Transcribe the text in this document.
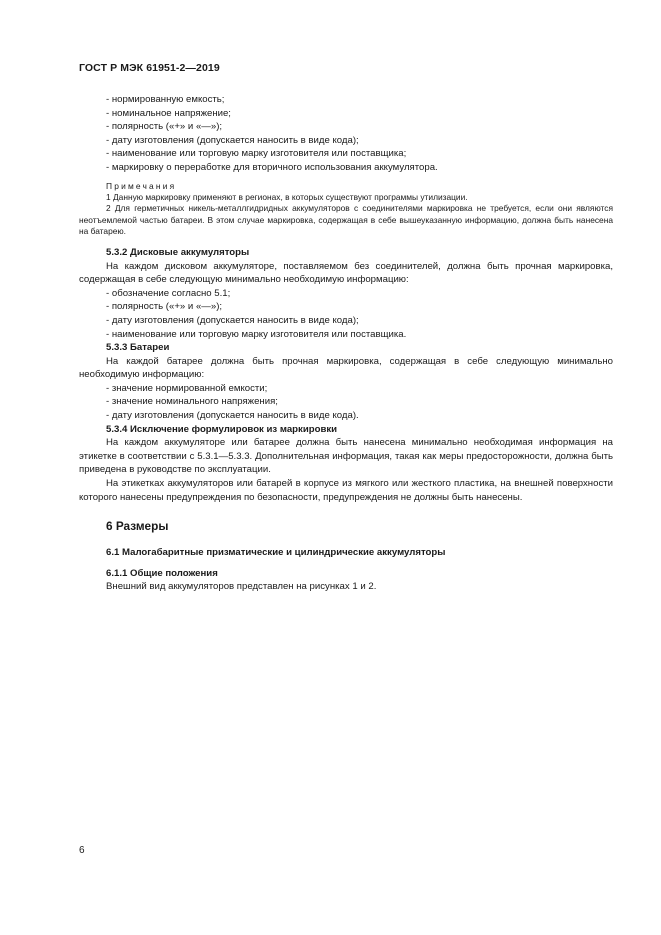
ГОСТ Р МЭК 61951-2—2019

- нормированную емкость;

- номинальное напряжение;

- полярность («+» и «—»);

- дату изготовления (допускается наносить в виде кода);

- наименование или торговую марку изготовителя или поставщика;

- маркировку о переработке для вторичного использования аккумулятора.

Примечания

1 Данную маркировку применяют в регионах, в которых существуют программы утилизации.

2 Для герметичных никель-металлгидридных аккумуляторов с соединителями маркировка не требуется, если они являются неотъемлемой частью батареи. В этом случае маркировка, содержащая в себе вышеуказанную информацию, должна быть нанесена на батарею.

5.3.2 Дисковые аккумуляторы

На каждом дисковом аккумуляторе, поставляемом без соединителей, должна быть прочная маркировка, содержащая в себе следующую минимально необходимую информацию:

- обозначение согласно 5.1;

- полярность («+» и «—»);

- дату изготовления (допускается наносить в виде кода);

- наименование или торговую марку изготовителя или поставщика.

5.3.3 Батареи

На каждой батарее должна быть прочная маркировка, содержащая в себе следующую минимально необходимую информацию:

- значение нормированной емкости;

- значение номинального напряжения;

- дату изготовления (допускается наносить в виде кода).

5.3.4 Исключение формулировок из маркировки

На каждом аккумуляторе или батарее должна быть нанесена минимально необходимая информация на этикетке в соответствии с 5.3.1—5.3.3. Дополнительная информация, такая как меры предосторожности, должна быть приведена в руководстве по эксплуатации.

На этикетках аккумуляторов или батарей в корпусе из мягкого или жесткого пластика, на внешней поверхности которого нанесены предупреждения по безопасности, предупреждения не должны быть нанесены.

6 Размеры

6.1 Малогабаритные призматические и цилиндрические аккумуляторы

6.1.1 Общие положения

Внешний вид аккумуляторов представлен на рисунках 1 и 2.

6
